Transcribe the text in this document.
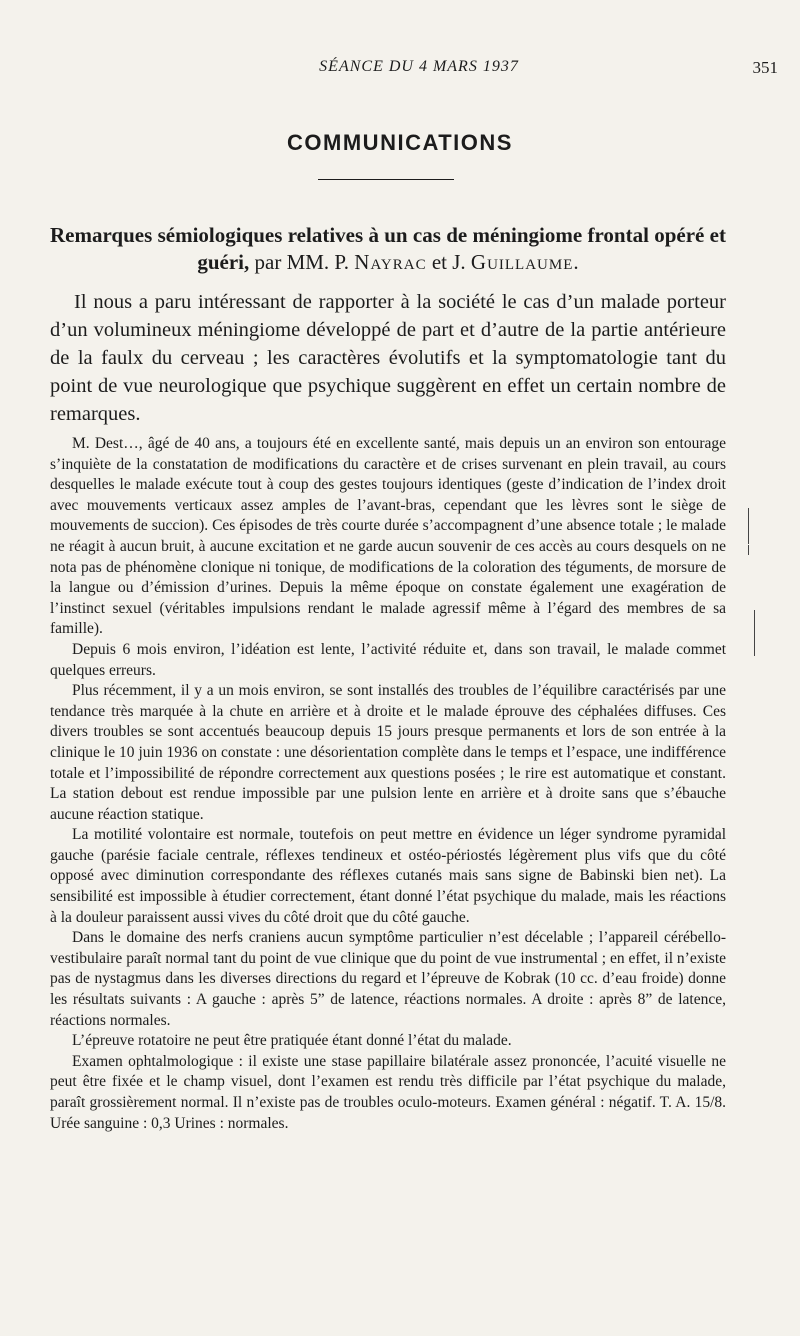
SÉANCE DU 4 MARS 1937	351
COMMUNICATIONS
Remarques sémiologiques relatives à un cas de méningiome frontal opéré et guéri, par MM. P. Nayrac et J. Guillaume.

Il nous a paru intéressant de rapporter à la société le cas d’un malade porteur d’un volumineux méningiome développé de part et d’autre de la partie antérieure de la faulx du cerveau ; les caractères évolutifs et la symptomatologie tant du point de vue neurologique que psychique suggèrent en effet un certain nombre de remarques.

M. Dest…, âgé de 40 ans, a toujours été en excellente santé, mais depuis un an environ son entourage s’inquiète de la constatation de modifications du caractère et de crises survenant en plein travail, au cours desquelles le malade exécute tout à coup des gestes toujours identiques (geste d’indication de l’index droit avec mouvements verticaux assez amples de l’avant-bras, cependant que les lèvres sont le siège de mouvements de succion). Ces épisodes de très courte durée s’accompagnent d’une absence totale ; le malade ne réagit à aucun bruit, à aucune excitation et ne garde aucun souvenir de ces accès au cours desquels on ne nota pas de phénomène clonique ni tonique, de modifications de la coloration des téguments, de morsure de la langue ou d’émission d’urines. Depuis la même époque on constate également une exagération de l’instinct sexuel (véritables impulsions rendant le malade agressif même à l’égard des membres de sa famille).

Depuis 6 mois environ, l’idéation est lente, l’activité réduite et, dans son travail, le malade commet quelques erreurs.

Plus récemment, il y a un mois environ, se sont installés des troubles de l’équilibre caractérisés par une tendance très marquée à la chute en arrière et à droite et le malade éprouve des céphalées diffuses. Ces divers troubles se sont accentués beaucoup depuis 15 jours presque permanents et lors de son entrée à la clinique le 10 juin 1936 on constate : une désorientation complète dans le temps et l’espace, une indifférence totale et l’impossibilité de répondre correctement aux questions posées ; le rire est automatique et constant. La station debout est rendue impossible par une pulsion lente en arrière et à droite sans que s’ébauche aucune réaction statique.

La motilité volontaire est normale, toutefois on peut mettre en évidence un léger syndrome pyramidal gauche (parésie faciale centrale, réflexes tendineux et ostéo-périostés légèrement plus vifs que du côté opposé avec diminution correspondante des réflexes cutanés mais sans signe de Babinski bien net). La sensibilité est impossible à étudier correctement, étant donné l’état psychique du malade, mais les réactions à la douleur paraissent aussi vives du côté droit que du côté gauche.

Dans le domaine des nerfs craniens aucun symptôme particulier n’est décelable ; l’appareil cérébello-vestibulaire paraît normal tant du point de vue clinique que du point de vue instrumental ; en effet, il n’existe pas de nystagmus dans les diverses directions du regard et l’épreuve de Kobrak (10 cc. d’eau froide) donne les résultats suivants : A gauche : après 5” de latence, réactions normales. A droite : après 8” de latence, réactions normales.

L’épreuve rotatoire ne peut être pratiquée étant donné l’état du malade.

Examen ophtalmologique : il existe une stase papillaire bilatérale assez prononcée, l’acuité visuelle ne peut être fixée et le champ visuel, dont l’examen est rendu très difficile par l’état psychique du malade, paraît grossièrement normal. Il n’existe pas de troubles oculo-moteurs. Examen général : négatif. T. A. 15/8. Urée sanguine : 0,3 Urines : normales.
